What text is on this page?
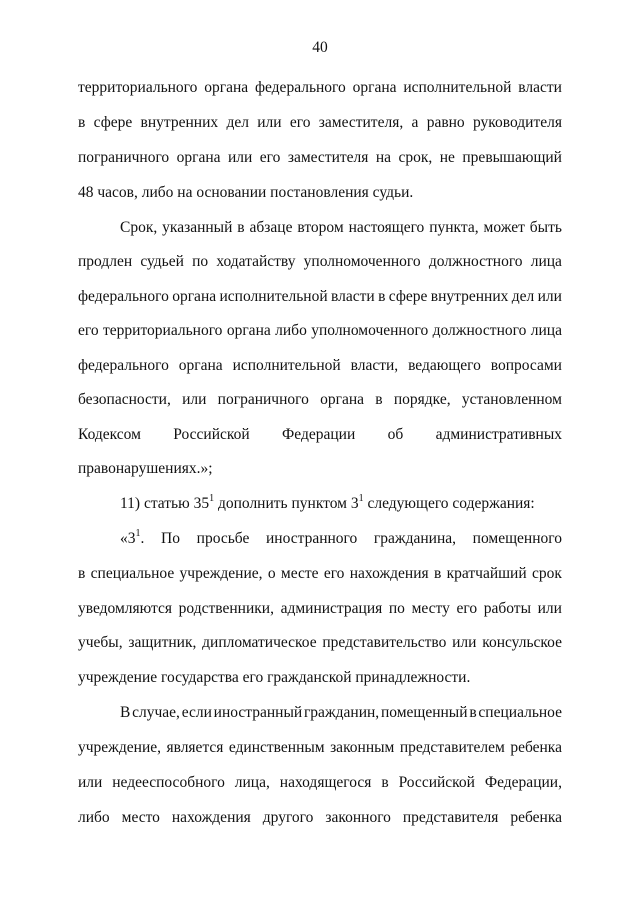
40
территориального органа федерального органа исполнительной власти
в сфере внутренних дел или его заместителя, а равно руководителя
пограничного органа или его заместителя на срок, не превышающий
48 часов, либо на основании постановления судьи.
Срок, указанный в абзаце втором настоящего пункта, может быть
продлен судьей по ходатайству уполномоченного должностного лица
федерального органа исполнительной власти в сфере внутренних дел или
его территориального органа либо уполномоченного должностного лица
федерального органа исполнительной власти, ведающего вопросами
безопасности, или пограничного органа в порядке, установленном
Кодексом Российской Федерации об административных
правонарушениях.»;
11) статью $35^1$ дополнить пунктом $3^1$ следующего содержания:
«$3^1$. По просьбе иностранного гражданина, помещенного
в специальное учреждение, о месте его нахождения в кратчайший срок
уведомляются родственники, администрация по месту его работы или
учебы, защитник, дипломатическое представительство или консульское
учреждение государства его гражданской принадлежности.
В случае, если иностранный гражданин, помещенный в специальное
учреждение, является единственным законным представителем ребенка
или недееспособного лица, находящегося в Российской Федерации,
либо место нахождения другого законного представителя ребенка
